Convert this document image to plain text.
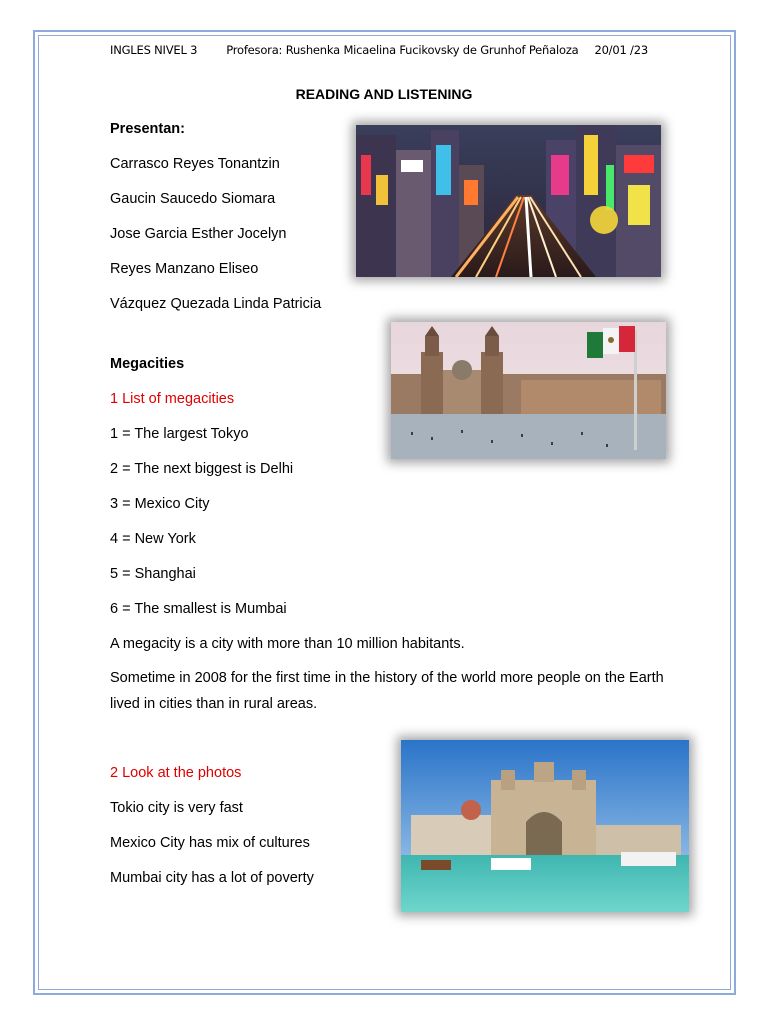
INGLES NIVEL 3	Profesora: Rushenka Micaelina Fucikovsky de Grunhof Peñaloza 20/01 /23
READING AND LISTENING
Presentan:
Carrasco Reyes Tonantzin
Gaucin Saucedo Siomara
Jose Garcia Esther Jocelyn
Reyes Manzano Eliseo
Vázquez Quezada Linda Patricia
Megacities
1 List of megacities
1 = The largest Tokyo
2 = The next biggest is Delhi
3 = Mexico City
4 = New York
5 = Shanghai
6 = The smallest is Mumbai
A megacity is a city with more than 10 million habitants.
Sometime in 2008 for the first time in the history of the world more people on the Earth lived in cities than in rural areas.
2 Look at the photos
Tokio city is very fast
Mexico City has mix of cultures
Mumbai city has a lot of poverty
